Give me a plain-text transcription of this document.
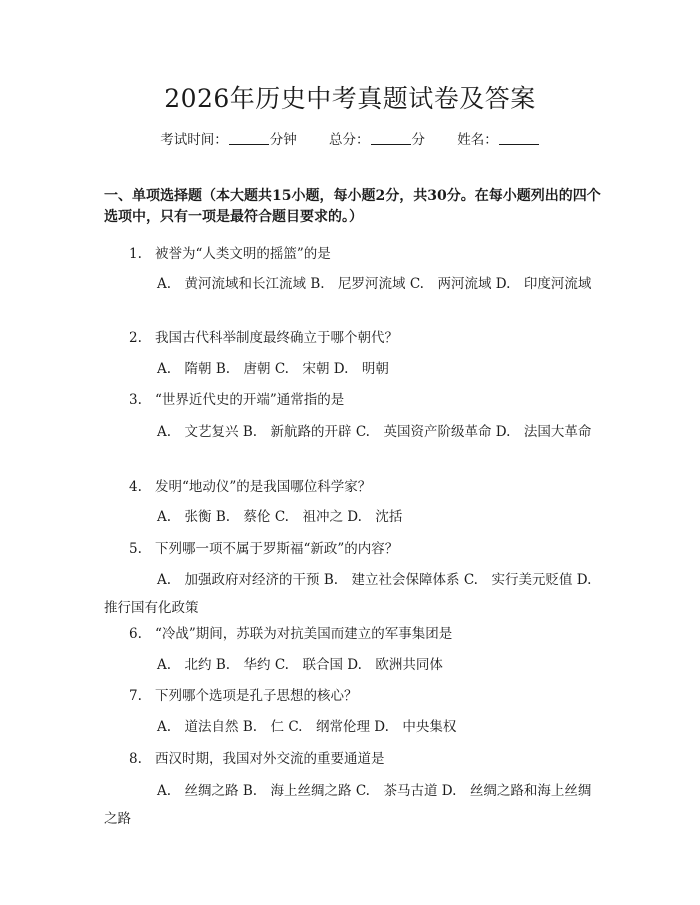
2026年历史中考真题试卷及答案
考试时间：	分钟 总分：	分 姓名：
一、单项选择题（本大题共15小题，每小题2分，共30分。在每小题列出的四个选项中，只有一项是最符合题目要求的。）
1. 被誉为“人类文明的摇篮”的是
A.　黄河流域和长江流域 B.　尼罗河流域 C.　两河流域 D.　印度河流域
2. 我国古代科举制度最终确立于哪个朝代？
A.　隋朝 B.　唐朝 C.　宋朝 D.　明朝
3. “世界近代史的开端”通常指的是
A.　文艺复兴 B.　新航路的开辟 C.　英国资产阶级革命 D.　法国大革命
4. 发明“地动仪”的是我国哪位科学家？
A.　张衡 B.　蔡伦 C.　祖冲之 D.　沈括
5. 下列哪一项不属于罗斯福“新政”的内容？
A.　加强政府对经济的干预 B.　建立社会保障体系 C.　实行美元贬值 D.　推行国有化政策
6. “冷战”期间，苏联为对抗美国而建立的军事集团是
A.　北约 B.　华约 C.　联合国 D.　欧洲共同体
7. 下列哪个选项是孔子思想的核心？
A.　道法自然 B.　仁 C.　纲常伦理 D.　中央集权
8. 西汉时期，我国对外交流的重要通道是
A.　丝绸之路 B.　海上丝绸之路 C.　茶马古道 D.　丝绸之路和海上丝绸之路
